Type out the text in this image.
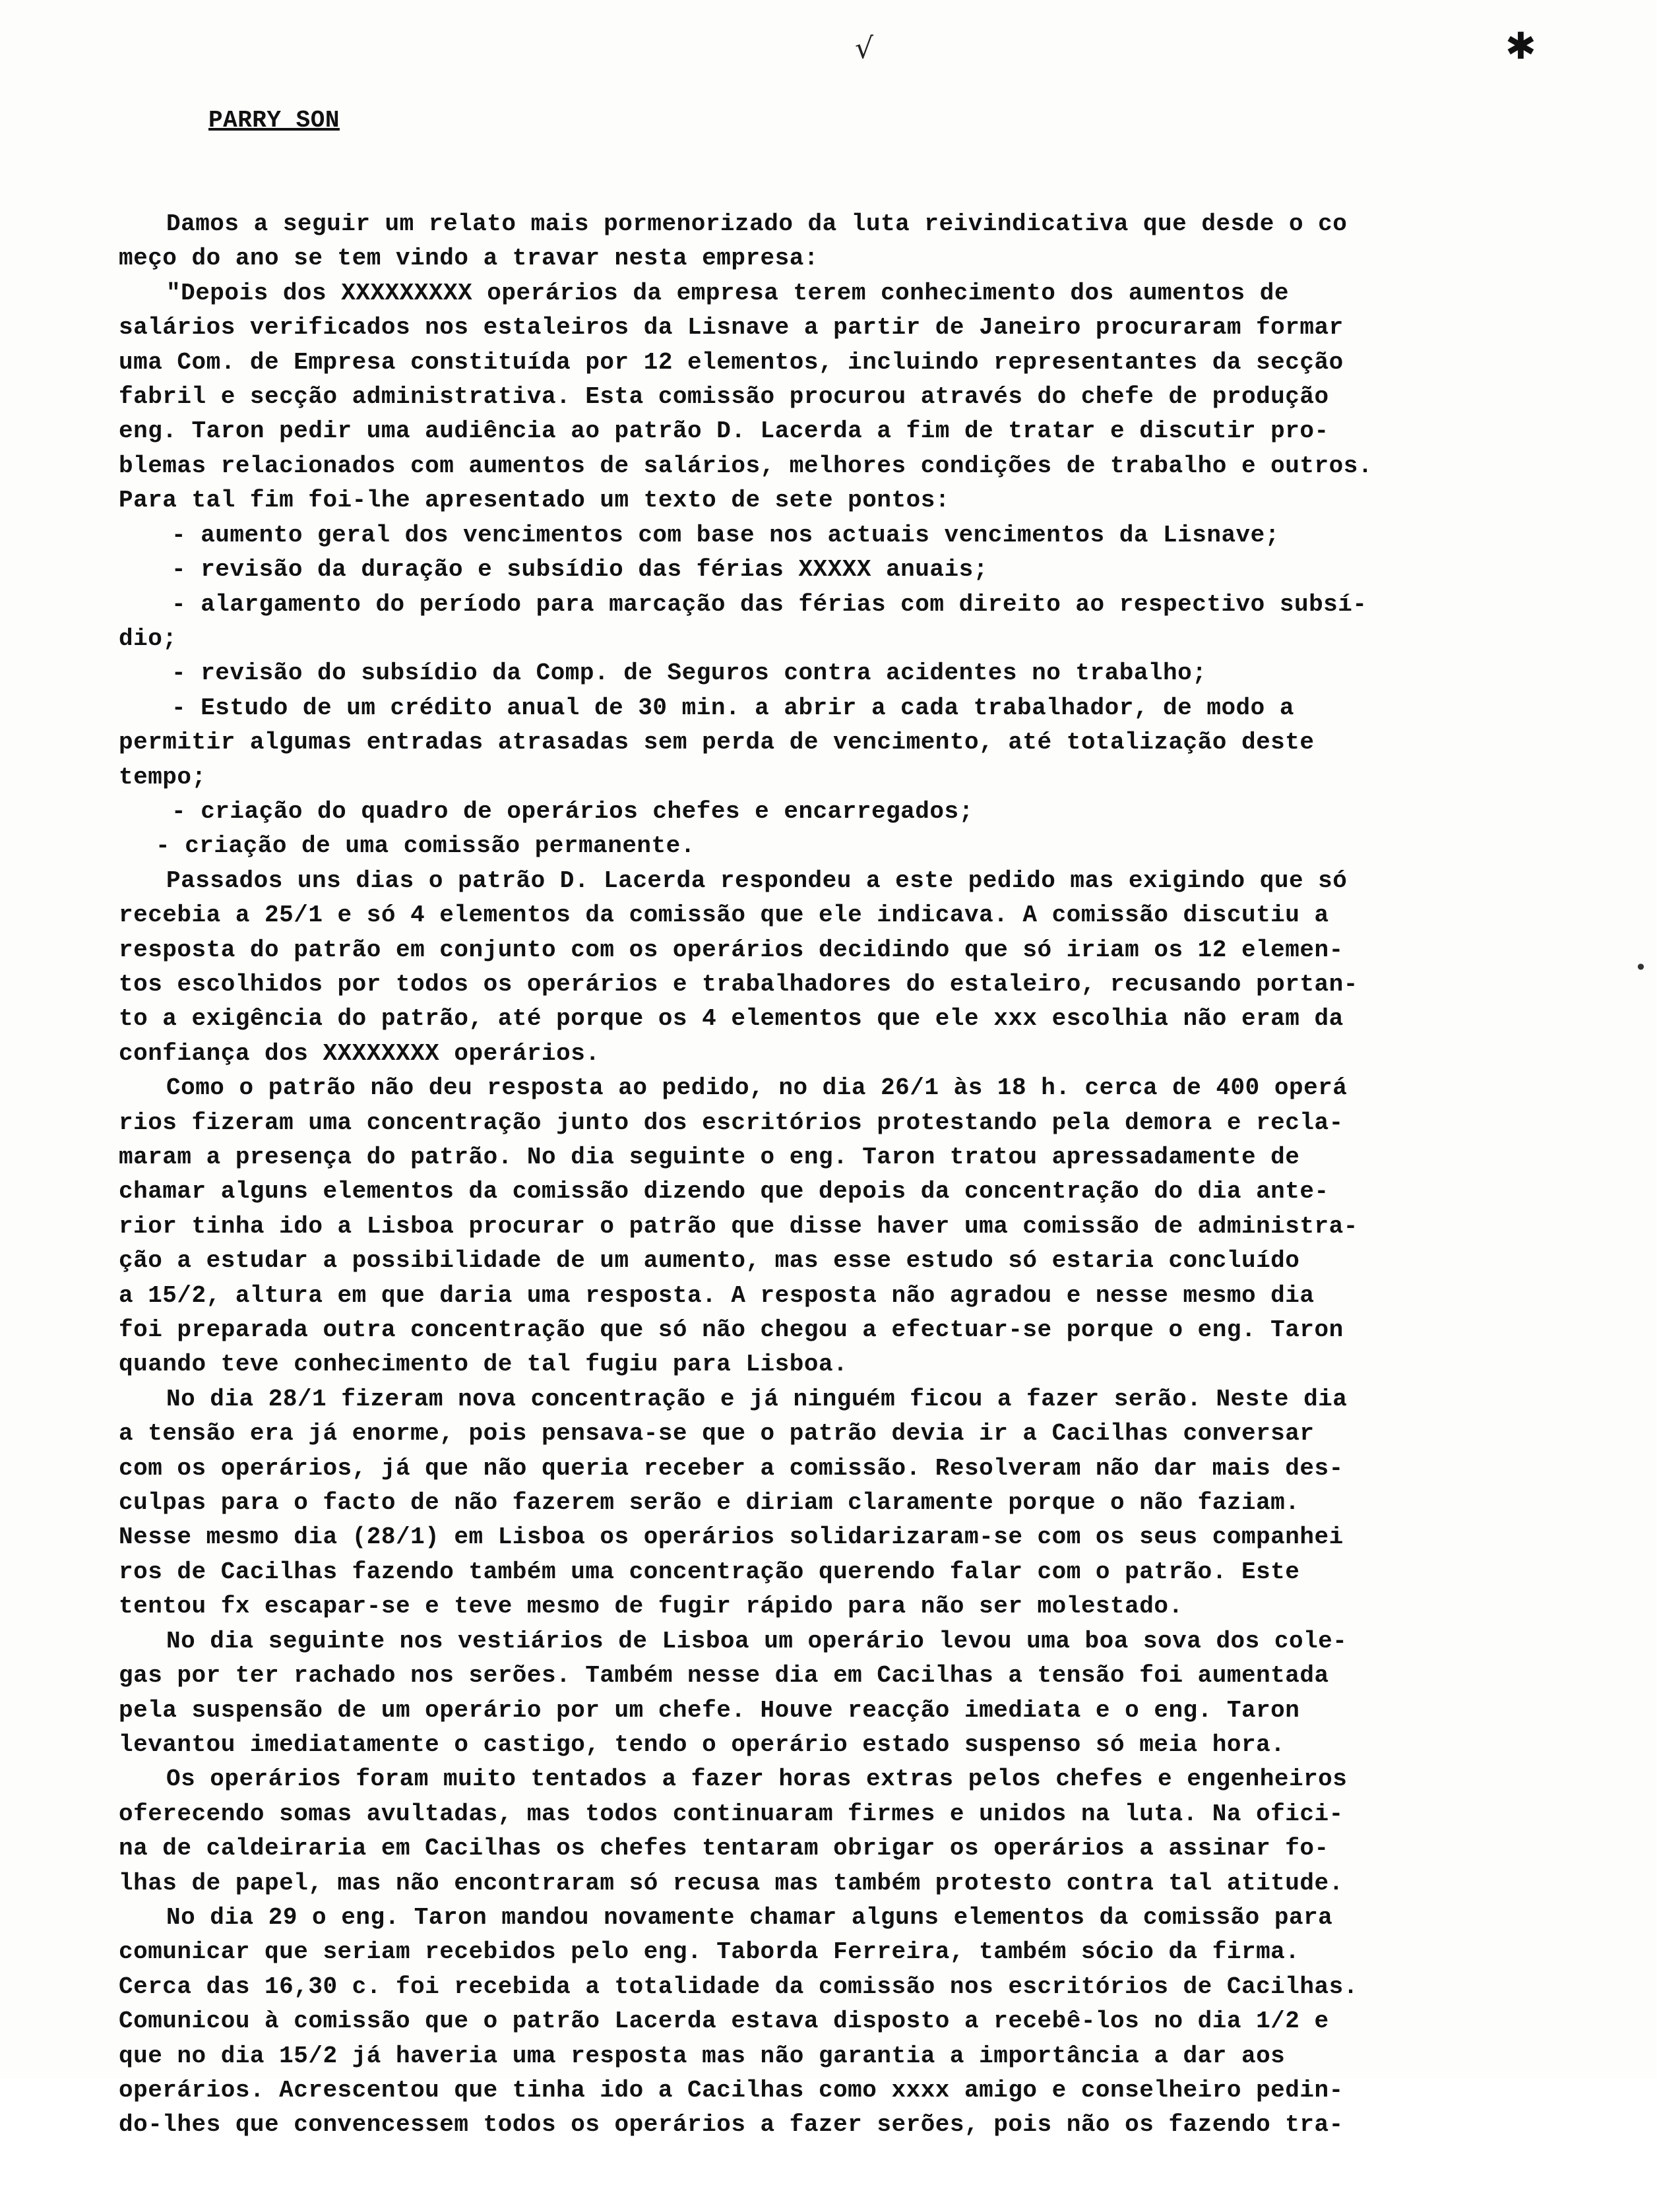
√	✱
•

PARRY SON

Damos a seguir um relato mais pormenorizado da luta reivindicativa que desde o co
meço do ano se tem vindo a travar nesta empresa:
"Depois dos XXXXXXXXX operários da empresa terem conhecimento dos aumentos de
salários verificados nos estaleiros da Lisnave a partir de Janeiro procuraram formar
uma Com. de Empresa constituída por 12 elementos, incluindo representantes da secção
fabril e secção administrativa. Esta comissão procurou através do chefe de produção
eng. Taron pedir uma audiência ao patrão D. Lacerda a fim de tratar e discutir pro-
blemas relacionados com aumentos de salários, melhores condições de trabalho e outros.
Para tal fim foi-lhe apresentado um texto de sete pontos:
- aumento geral dos vencimentos com base nos actuais vencimentos da Lisnave;
- revisão da duração e subsídio das férias XXXXX anuais;
- alargamento do período para marcação das férias com direito ao respectivo subsí-
dio;
- revisão do subsídio da Comp. de Seguros contra acidentes no trabalho;
- Estudo de um crédito anual de 30 min. a abrir a cada trabalhador, de modo a
permitir algumas entradas atrasadas sem perda de vencimento, até totalização deste
tempo;
- criação do quadro de operários chefes e encarregados;
- criação de uma comissão permanente.
Passados uns dias o patrão D. Lacerda respondeu a este pedido mas exigindo que só
recebia a 25/1 e só 4 elementos da comissão que ele indicava. A comissão discutiu a
resposta do patrão em conjunto com os operários decidindo que só iriam os 12 elemen-
tos escolhidos por todos os operários e trabalhadores do estaleiro, recusando portan-
to a exigência do patrão, até porque os 4 elementos que ele xxx escolhia não eram da
confiança dos XXXXXXXX operários.
Como o patrão não deu resposta ao pedido, no dia 26/1 às 18 h. cerca de 400 operá
rios fizeram uma concentração junto dos escritórios protestando pela demora e recla-
maram a presença do patrão. No dia seguinte o eng. Taron tratou apressadamente de
chamar alguns elementos da comissão dizendo que depois da concentração do dia ante-
rior tinha ido a Lisboa procurar o patrão que disse haver uma comissão de administra-
ção a estudar a possibilidade de um aumento, mas esse estudo só estaria concluído
a 15/2, altura em que daria uma resposta. A resposta não agradou e nesse mesmo dia
foi preparada outra concentração que só não chegou a efectuar-se porque o eng. Taron
quando teve conhecimento de tal fugiu para Lisboa.
No dia 28/1 fizeram nova concentração e já ninguém ficou a fazer serão. Neste dia
a tensão era já enorme, pois pensava-se que o patrão devia ir a Cacilhas conversar
com os operários, já que não queria receber a comissão. Resolveram não dar mais des-
culpas para o facto de não fazerem serão e diriam claramente porque o não faziam.
Nesse mesmo dia (28/1) em Lisboa os operários solidarizaram-se com os seus companhei
ros de Cacilhas fazendo também uma concentração querendo falar com o patrão. Este
tentou fx escapar-se e teve mesmo de fugir rápido para não ser molestado.
No dia seguinte nos vestiários de Lisboa um operário levou uma boa sova dos cole-
gas por ter rachado nos serões. Também nesse dia em Cacilhas a tensão foi aumentada
pela suspensão de um operário por um chefe. Houve reacção imediata e o eng. Taron
levantou imediatamente o castigo, tendo o operário estado suspenso só meia hora.
Os operários foram muito tentados a fazer horas extras pelos chefes e engenheiros
oferecendo somas avultadas, mas todos continuaram firmes e unidos na luta. Na ofici-
na de caldeiraria em Cacilhas os chefes tentaram obrigar os operários a assinar fo-
lhas de papel, mas não encontraram só recusa mas também protesto contra tal atitude.
No dia 29 o eng. Taron mandou novamente chamar alguns elementos da comissão para
comunicar que seriam recebidos pelo eng. Taborda Ferreira, também sócio da firma.
Cerca das 16,30 c. foi recebida a totalidade da comissão nos escritórios de Cacilhas.
Comunicou à comissão que o patrão Lacerda estava disposto a recebê-los no dia 1/2 e
que no dia 15/2 já haveria uma resposta mas não garantia a importância a dar aos
operários. Acrescentou que tinha ido a Cacilhas como xxxx amigo e conselheiro pedin-
do-lhes que convencessem todos os operários a fazer serões, pois não os fazendo tra-
